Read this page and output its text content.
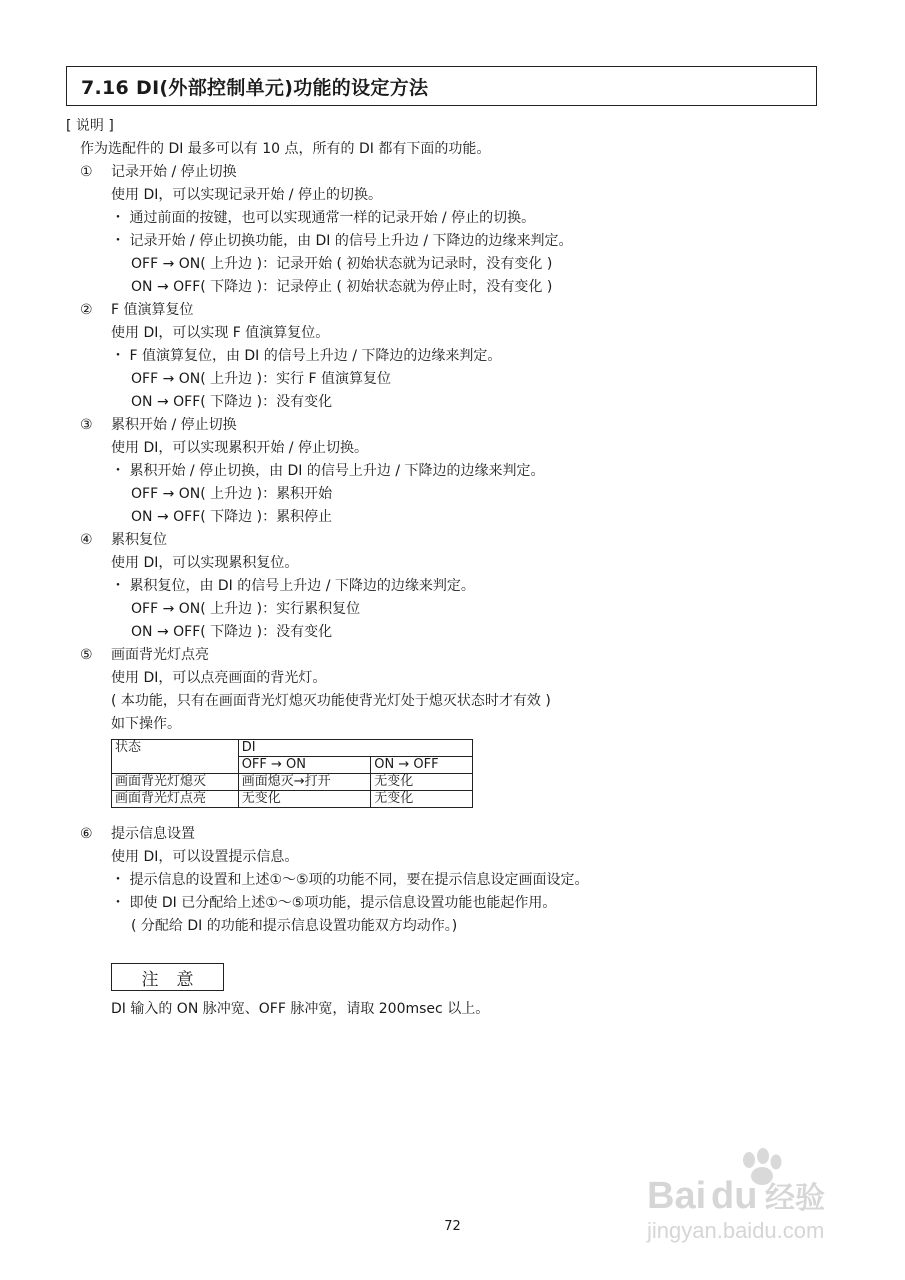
7.16 DI(外部控制单元)功能的设定方法
[ 说明 ]
作为选配件的 DI 最多可以有 10 点，所有的 DI 都有下面的功能。
① 记录开始 / 停止切换
使用 DI，可以实现记录开始 / 停止的切换。
・ 通过前面的按键，也可以实现通常一样的记录开始 / 停止的切换。
・ 记录开始 / 停止切换功能，由 DI 的信号上升边 / 下降边的边缘来判定。
OFF → ON( 上升边 )：记录开始 ( 初始状态就为记录时，没有变化 )
ON → OFF( 下降边 )：记录停止 ( 初始状态就为停止时，没有变化 )
② F 值演算复位
使用 DI，可以实现 F 值演算复位。
・ F 值演算复位，由 DI 的信号上升边 / 下降边的边缘来判定。
OFF → ON( 上升边 )：实行 F 值演算复位
ON → OFF( 下降边 )：没有变化
③ 累积开始 / 停止切换
使用 DI，可以实现累积开始 / 停止切换。
・ 累积开始 / 停止切换，由 DI 的信号上升边 / 下降边的边缘来判定。
OFF → ON( 上升边 )：累积开始
ON → OFF( 下降边 )：累积停止
④ 累积复位
使用 DI，可以实现累积复位。
・ 累积复位，由 DI 的信号上升边 / 下降边的边缘来判定。
OFF → ON( 上升边 )：实行累积复位
ON → OFF( 下降边 )：没有变化
⑤ 画面背光灯点亮
使用 DI，可以点亮画面的背光灯。
( 本功能，只有在画面背光灯熄灭功能使背光灯处于熄灭状态时才有效 )
如下操作。
状态	DI	
	OFF → ON	ON → OFF
画面背光灯熄灭	画面熄灭→打开	无变化
画面背光灯点亮	无变化	无变化
⑥ 提示信息设置
使用 DI，可以设置提示信息。
・ 提示信息的设置和上述①～⑤项的功能不同，要在提示信息设定画面设定。
・ 即使 DI 已分配给上述①～⑤项功能，提示信息设置功能也能起作用。
( 分配给 DI 的功能和提示信息设置功能双方均动作。)
注意
DI 输入的 ON 脉冲宽、OFF 脉冲宽，请取 200msec 以上。
Bai du 经验
jingyan.baidu.com
72
